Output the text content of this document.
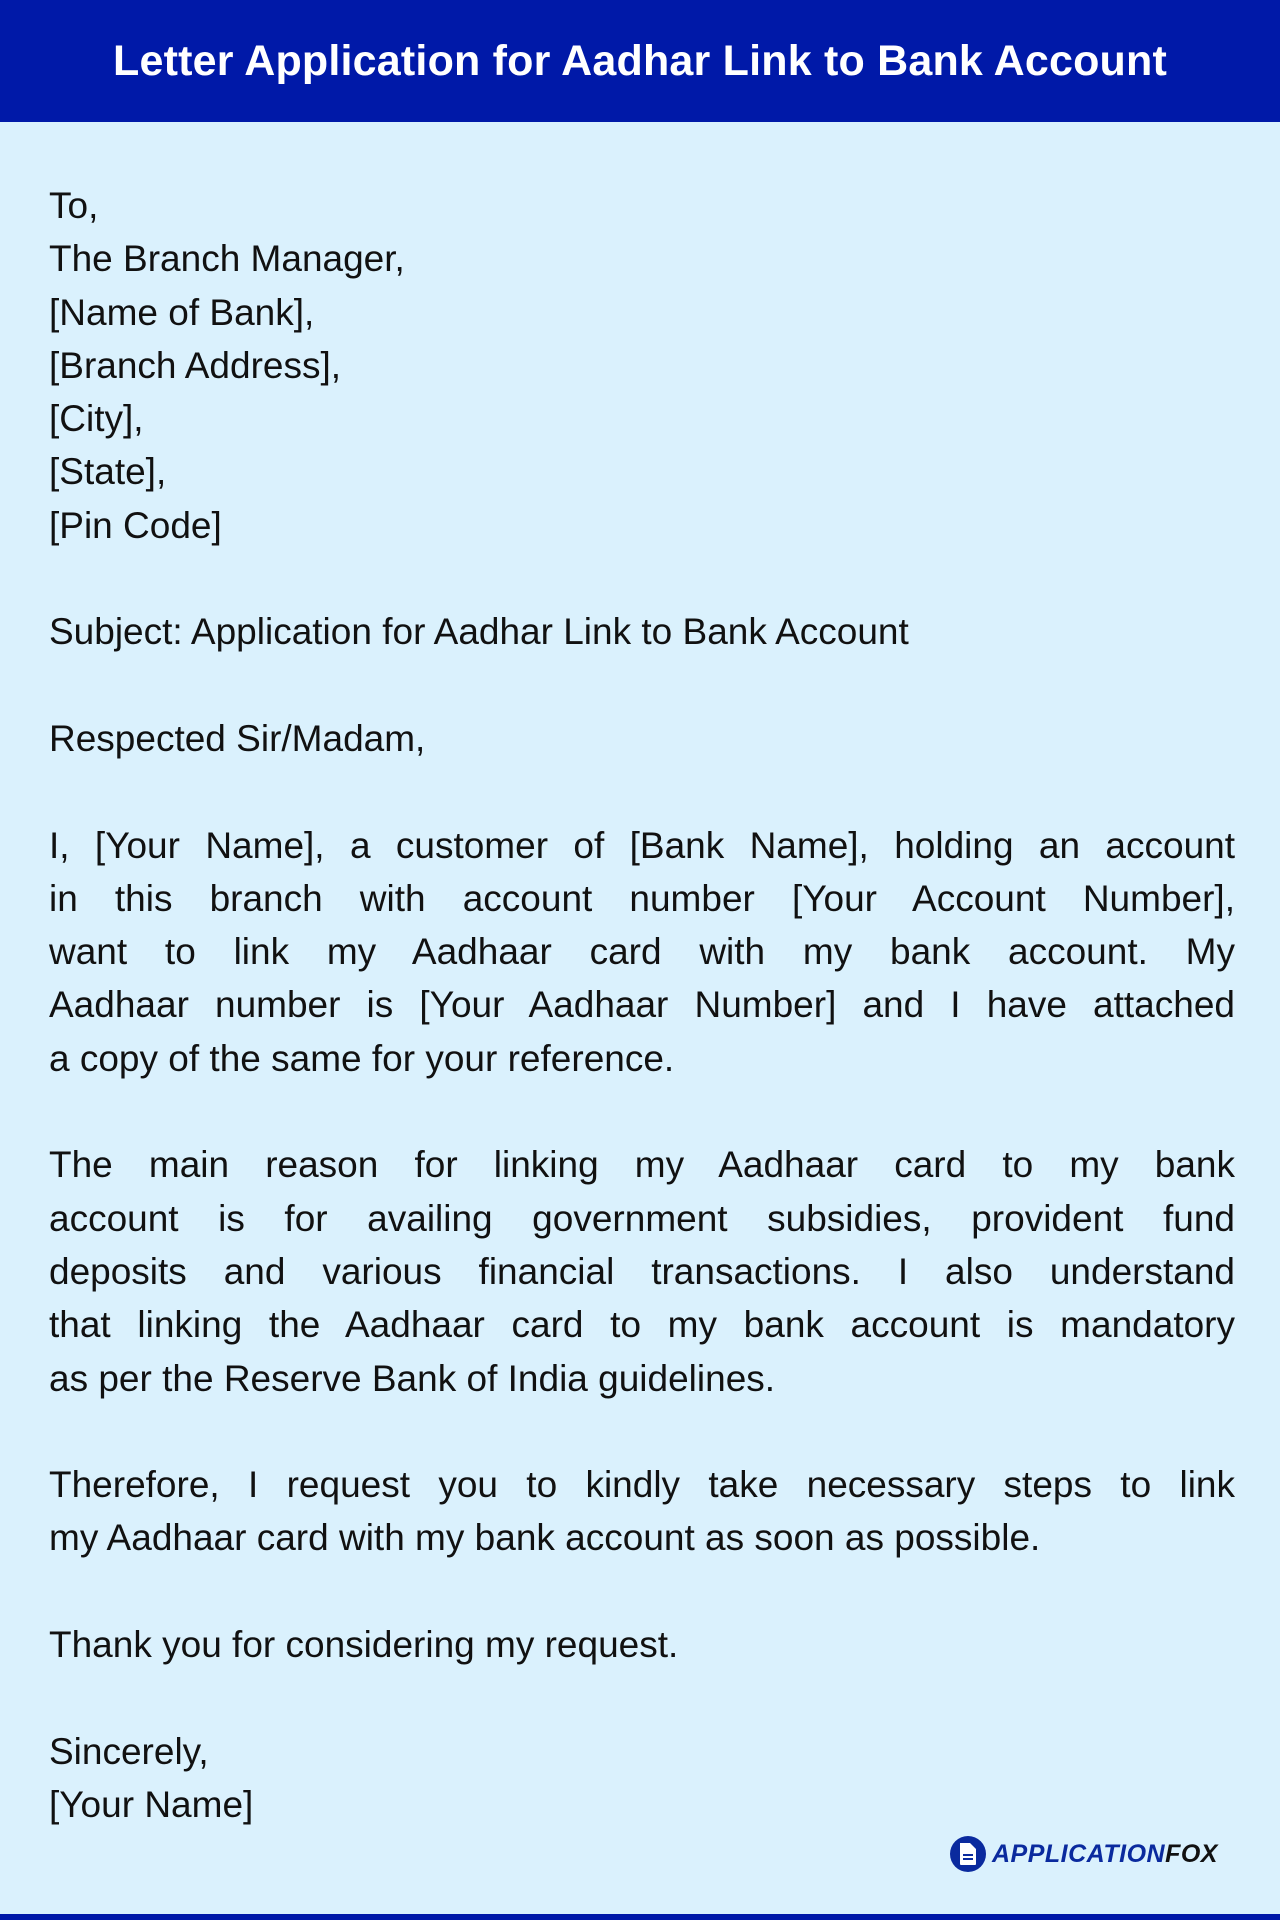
Letter Application for Aadhar Link to Bank Account
To,
The Branch Manager,
[Name of Bank],
[Branch Address],
[City],
[State],
[Pin Code]
Subject: Application for Aadhar Link to Bank Account
Respected Sir/Madam,
I, [Your Name], a customer of [Bank Name], holding an account
in this branch with account number [Your Account Number],
want to link my Aadhaar card with my bank account. My
Aadhaar number is [Your Aadhaar Number] and I have attached
a copy of the same for your reference.
The main reason for linking my Aadhaar card to my bank
account is for availing government subsidies, provident fund
deposits and various financial transactions. I also understand
that linking the Aadhaar card to my bank account is mandatory
as per the Reserve Bank of India guidelines.
Therefore, I request you to kindly take necessary steps to link
my Aadhaar card with my bank account as soon as possible.
Thank you for considering my request.
Sincerely,
[Your Name]
APPLICATIONFOX
